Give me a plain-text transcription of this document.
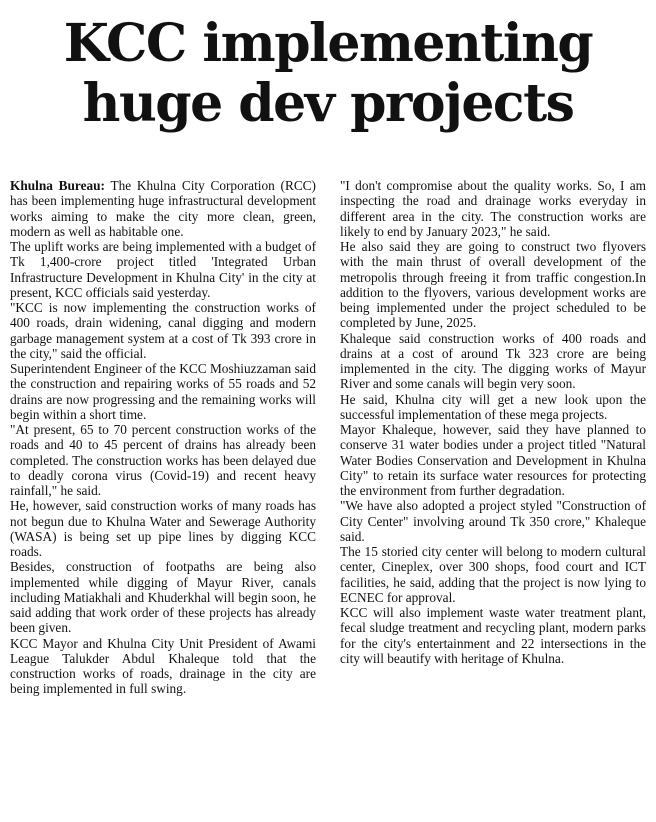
KCC implementing
huge dev projects

Khulna Bureau: The Khulna City Corporation (RCC) has been implementing huge infrastructural development works aiming to make the city more clean, green, modern as well as habitable one.

The uplift works are being implemented with a budget of Tk 1,400-crore project titled 'Integrated Urban Infrastructure Development in Khulna City' in the city at present, KCC officials said yesterday.

"KCC is now implementing the construction works of 400 roads, drain widening, canal digging and modern garbage management system at a cost of Tk 393 crore in the city," said the official.

Superintendent Engineer of the KCC Moshiuzzaman said the construction and repairing works of 55 roads and 52 drains are now progressing and the remaining works will begin within a short time.

"At present, 65 to 70 percent construction works of the roads and 40 to 45 percent of drains has already been completed. The construction works has been delayed due to deadly corona virus (Covid-19) and recent heavy rainfall," he said.

He, however, said construction works of many roads has not begun due to Khulna Water and Sewerage Authority (WASA) is being set up pipe lines by digging KCC roads.

Besides, construction of footpaths are being also implemented while digging of Mayur River, canals including Matiakhali and Khuderkhal will begin soon, he said adding that work order of these projects has already been given.

KCC Mayor and Khulna City Unit President of Awami League Talukder Abdul Khaleque told that the construction works of roads, drainage in the city are being implemented in full swing.

"I don't compromise about the quality works. So, I am inspecting the road and drainage works everyday in different area in the city. The construction works are likely to end by January 2023," he said.

He also said they are going to construct two flyovers with the main thrust of overall development of the metropolis through freeing it from traffic congestion.In addition to the flyovers, various development works are being implemented under the project scheduled to be completed by June, 2025.

Khaleque said construction works of 400 roads and drains at a cost of around Tk 323 crore are being implemented in the city. The digging works of Mayur River and some canals will begin very soon.

He said, Khulna city will get a new look upon the successful implementation of these mega projects.

Mayor Khaleque, however, said they have planned to conserve 31 water bodies under a project titled "Natural Water Bodies Conservation and Development in Khulna City" to retain its surface water resources for protecting the environment from further degradation.

"We have also adopted a project styled "Construction of City Center" involving around Tk 350 crore," Khaleque said.

The 15 storied city center will belong to modern cultural center, Cineplex, over 300 shops, food court and ICT facilities, he said, adding that the project is now lying to ECNEC for approval.

KCC will also implement waste water treatment plant, fecal sludge treatment and recycling plant, modern parks for the city's entertainment and 22 intersections in the city will beautify with heritage of Khulna.
